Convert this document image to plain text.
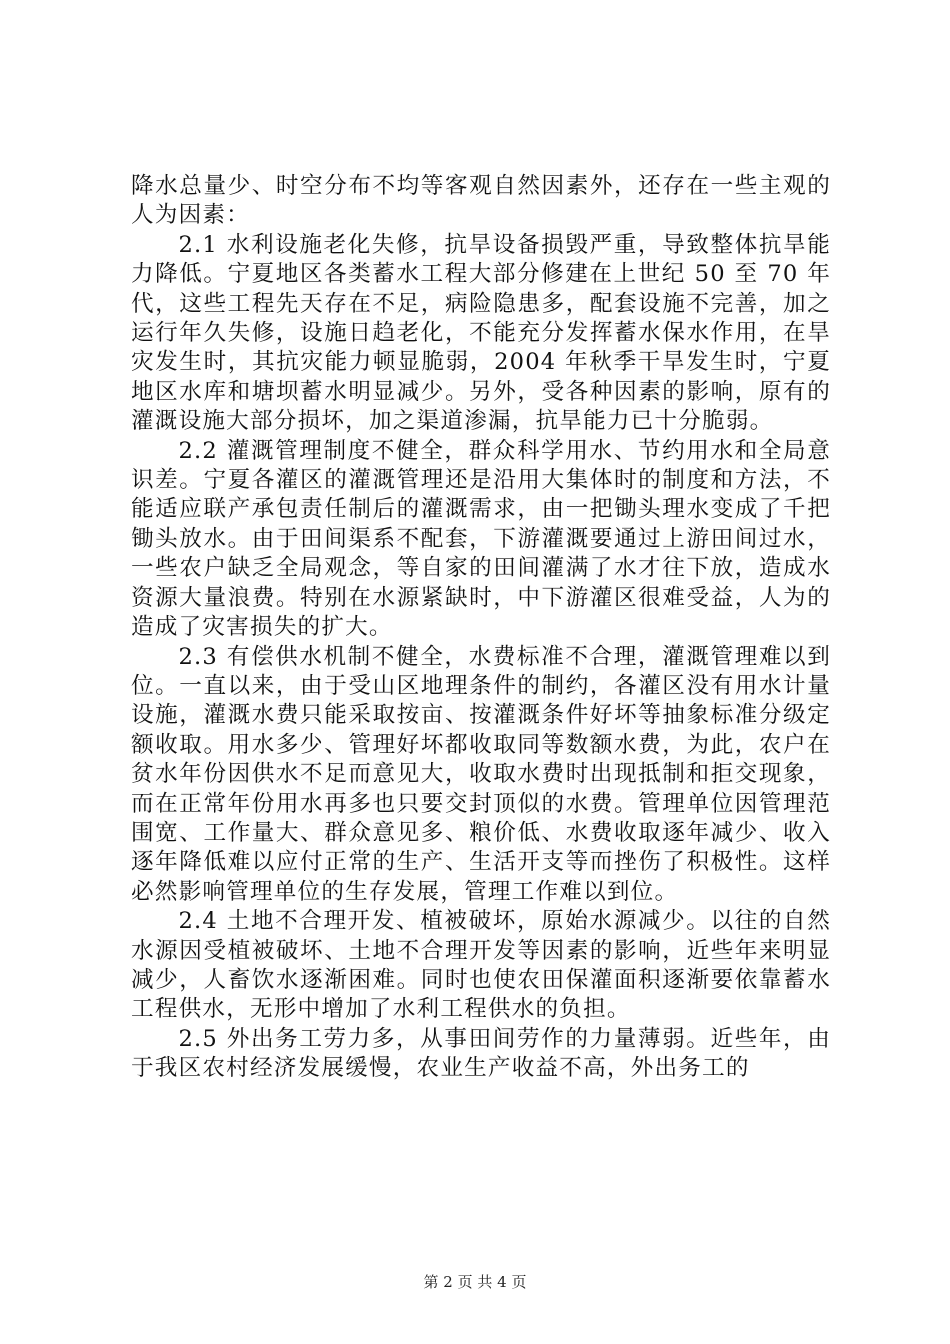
降水总量少、时空分布不均等客观自然因素外，还存在一些主观的人为因素：

2.1 水利设施老化失修，抗旱设备损毁严重，导致整体抗旱能力降低。宁夏地区各类蓄水工程大部分修建在上世纪 50 至 70 年代，这些工程先天存在不足，病险隐患多，配套设施不完善，加之运行年久失修，设施日趋老化，不能充分发挥蓄水保水作用，在旱灾发生时，其抗灾能力顿显脆弱，2004 年秋季干旱发生时，宁夏地区水库和塘坝蓄水明显减少。另外，受各种因素的影响，原有的灌溉设施大部分损坏，加之渠道渗漏，抗旱能力已十分脆弱。

2.2 灌溉管理制度不健全，群众科学用水、节约用水和全局意识差。宁夏各灌区的灌溉管理还是沿用大集体时的制度和方法，不能适应联产承包责任制后的灌溉需求，由一把锄头理水变成了千把锄头放水。由于田间渠系不配套，下游灌溉要通过上游田间过水，一些农户缺乏全局观念，等自家的田间灌满了水才往下放，造成水资源大量浪费。特别在水源紧缺时，中下游灌区很难受益，人为的造成了灾害损失的扩大。

2.3 有偿供水机制不健全，水费标准不合理，灌溉管理难以到位。一直以来，由于受山区地理条件的制约，各灌区没有用水计量设施，灌溉水费只能采取按亩、按灌溉条件好坏等抽象标准分级定额收取。用水多少、管理好坏都收取同等数额水费，为此，农户在贫水年份因供水不足而意见大，收取水费时出现抵制和拒交现象，而在正常年份用水再多也只要交封顶似的水费。管理单位因管理范围宽、工作量大、群众意见多、粮价低、水费收取逐年减少、收入逐年降低难以应付正常的生产、生活开支等而挫伤了积极性。这样必然影响管理单位的生存发展，管理工作难以到位。

2.4 土地不合理开发、植被破坏，原始水源减少。以往的自然水源因受植被破坏、土地不合理开发等因素的影响，近些年来明显减少，人畜饮水逐渐困难。同时也使农田保灌面积逐渐要依靠蓄水工程供水，无形中增加了水利工程供水的负担。

2.5 外出务工劳力多，从事田间劳作的力量薄弱。近些年，由于我区农村经济发展缓慢，农业生产收益不高，外出务工的

第 2 页 共 4 页
